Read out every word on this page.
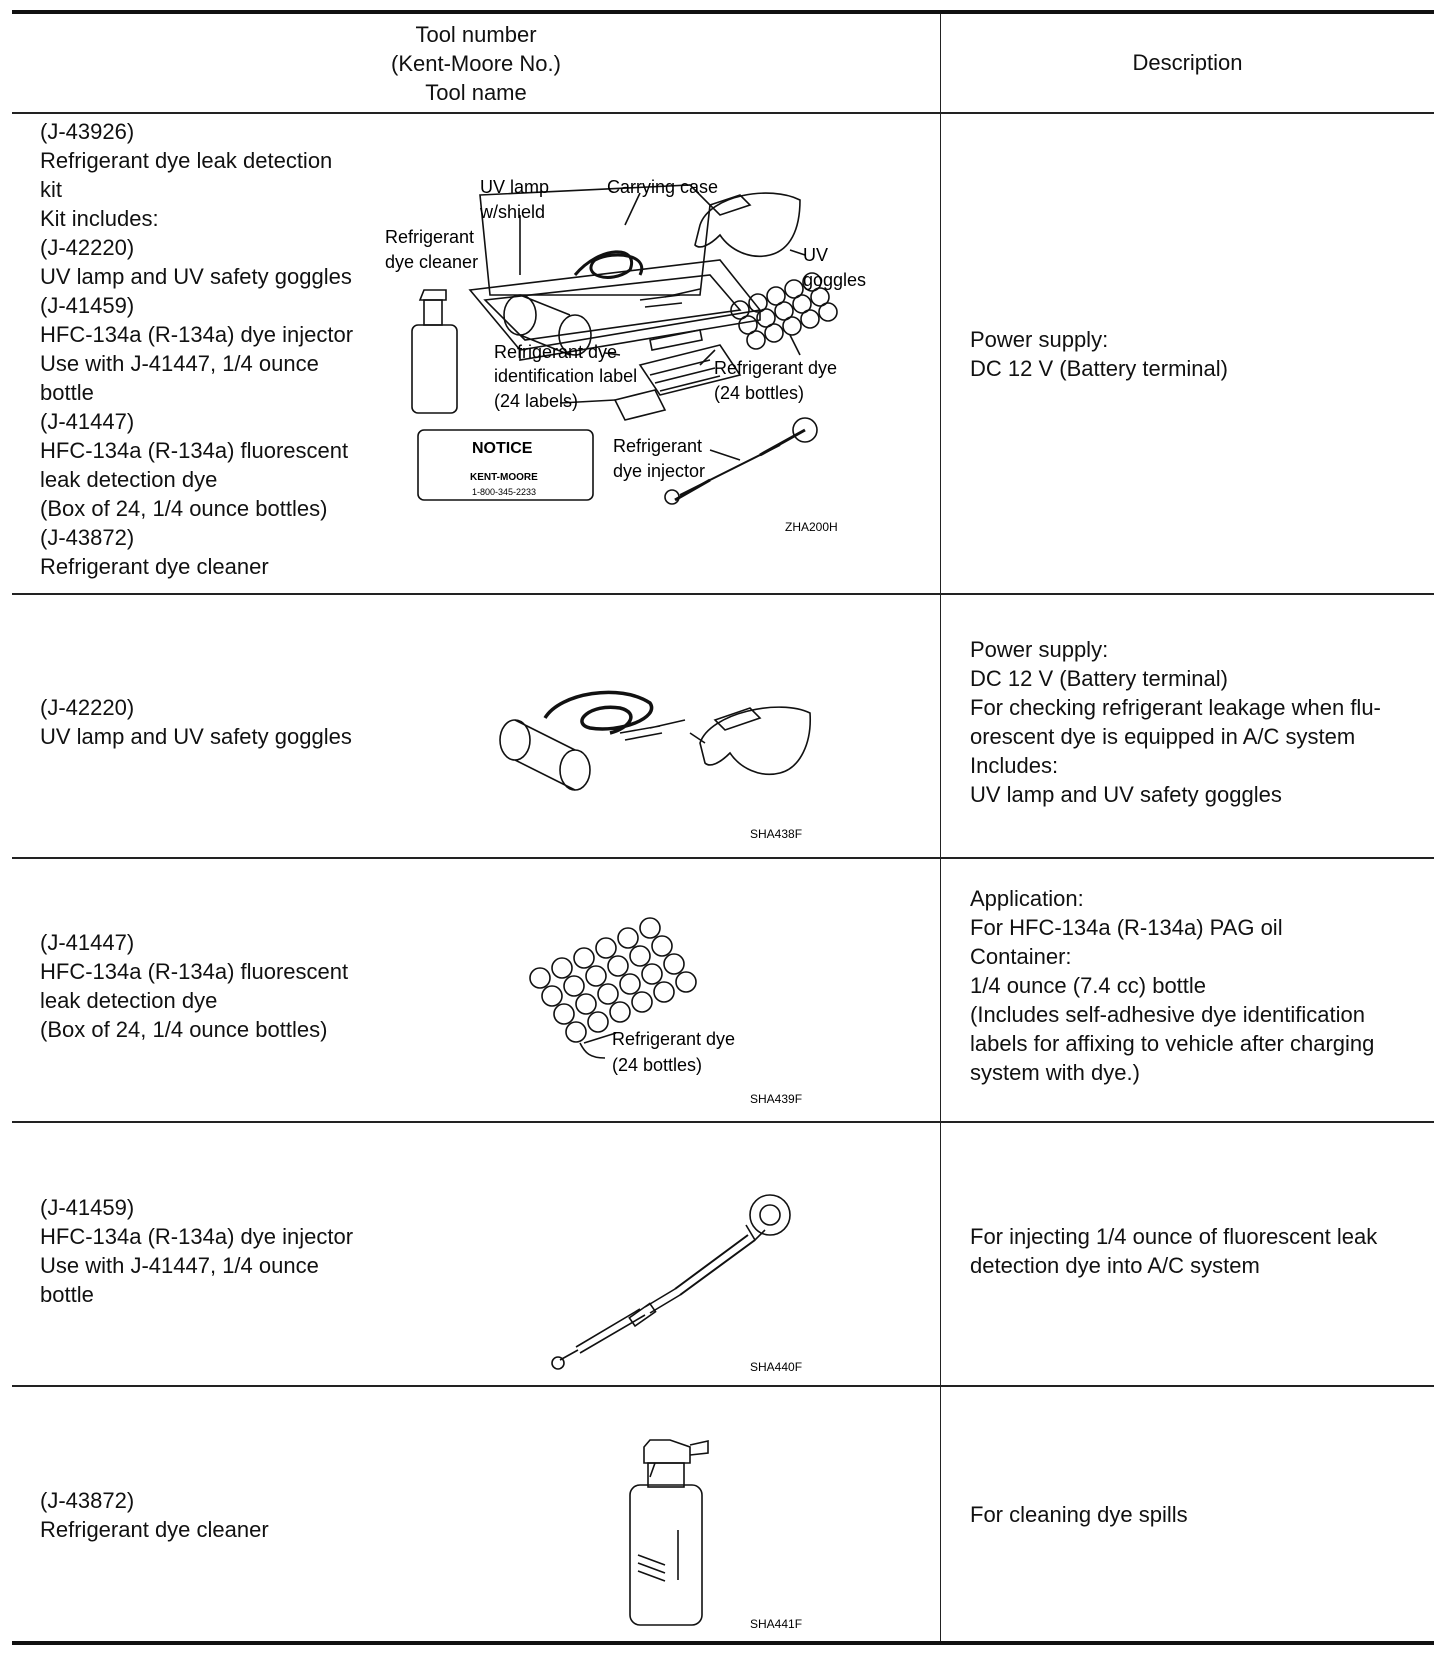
Tool number
(Kent-Moore No.)
Tool name
Description
(J-43926)
Refrigerant dye leak detection
kit
Kit includes:
(J-42220)
UV lamp and UV safety goggles
(J-41459)
HFC-134a (R-134a) dye injector
Use with J-41447, 1/4 ounce
bottle
(J-41447)
HFC-134a (R-134a) fluorescent
leak detection dye
(Box of 24, 1/4 ounce bottles)
(J-43872)
Refrigerant dye cleaner
UV lamp
w/shield
Carrying case
Refrigerant
dye cleaner	UV
goggles
Refrigerant dye
identification label
(24 labels)
Refrigerant dye
(24 bottles)
Refrigerant
dye injector
NOTICE
KENT-MOORE
1-800-345-2233
ZHA200H
Power supply:
DC 12 V (Battery terminal)
(J-42220)
UV lamp and UV safety goggles
SHA438F
Power supply:
DC 12 V (Battery terminal)
For checking refrigerant leakage when flu-
orescent dye is equipped in A/C system
Includes:
UV lamp and UV safety goggles
(J-41447)
HFC-134a (R-134a) fluorescent
leak detection dye
(Box of 24, 1/4 ounce bottles)	Refrigerant dye
(24 bottles)
SHA439F
Application:
For HFC-134a (R-134a) PAG oil
Container:
1/4 ounce (7.4 cc) bottle
(Includes self-adhesive dye identification
labels for affixing to vehicle after charging
system with dye.)
(J-41459)
HFC-134a (R-134a) dye injector
Use with J-41447, 1/4 ounce
bottle
SHA440F
For injecting 1/4 ounce of fluorescent leak
detection dye into A/C system
(J-43872)
Refrigerant dye cleaner
SHA441F
For cleaning dye spills
